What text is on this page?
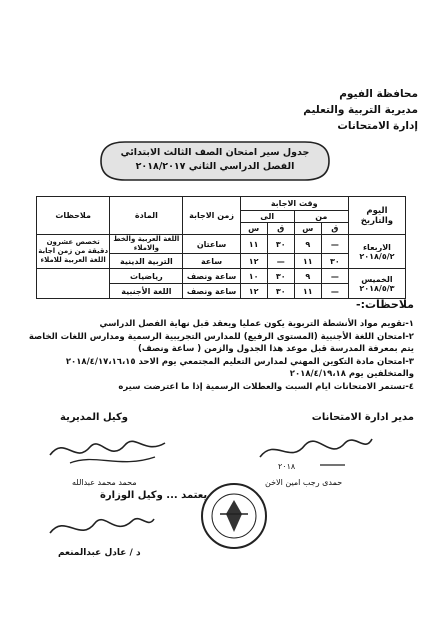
محافظة الفيوم
مديرية التربية والتعليم
إدارة الامتحانات
جدول سير امتحان الصف الثالث الابتدائي
الفصل الدراسي الثاني ٢٠١٨/٢٠١٧
اليوم والتاريخ	وقت الاجابة				زمن الاجابة	المادة	ملاحظات
	من		الى				
	ق	س	ق	س			

الاربعاء
٢٠١٨/٥/٢	—	٩	٣٠	١١	ساعتان	اللغة العربية والخط والاملاء	تخصص عشرون دقيقة من زمن اجابة اللغة العربية للاملاء
	٣٠	١١	—	١٢	ساعة	التربية الدينية	

الخميس
٢٠١٨/٥/٣	—	٩	٣٠	١٠	ساعة ونصف	رياضيات	
	—	١١	٣٠	١٢	ساعة ونصف	اللغة الأجنبية	
ملاحظات:-
١-تقويم مواد الأنشطة التربوية يكون عمليا ويعقد قبل نهاية الفصل الدراسي
٢-امتحان اللغة الأجنبية (المستوى الرفيع) للمدارس التجريبية الرسمية ومدارس اللغات الخاصة يتم بمعرفة المدرسة قبل موعد هذا الجدول والزمن ( ساعة ونصف)
٣-امتحان مادة التكوين المهني لمدارس التعليم المجتمعي يوم الاحد ٢٠١٨/٤/١٧،١٦،١٥ والمتخلفين يوم ٢٠١٨/٤/١٩،١٨
٤-تستمر الامتحانات ايام السبت والعطلات الرسمية إذا ما اعترضت سيره
وكيل المديرية	مدير ادارة الامتحانات
محمد محمد عبدالله
٢٠١٨
حمدى رجب امين الاخن
يعتمد ... وكيل الوزارة
د / عادل عبدالمنعم
